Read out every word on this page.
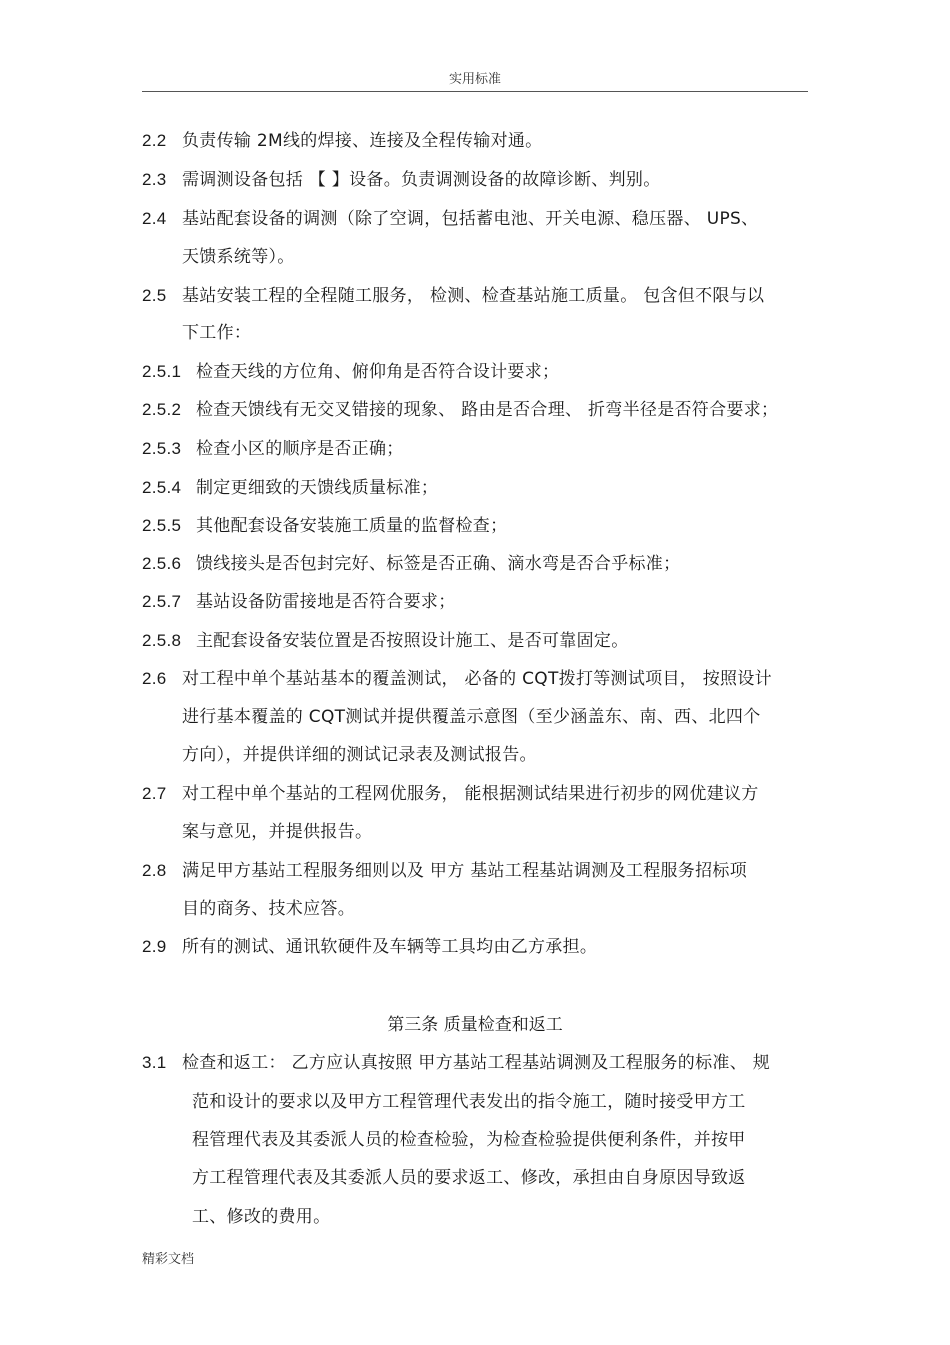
实用标准
2.2 负责传输 2M线的焊接、连接及全程传输对通。
2.3 需调测设备包括 【 】设备。负责调测设备的故障诊断、判别。
2.4 基站配套设备的调测（除了空调，包括蓄电池、开关电源、稳压器、 UPS、
天馈系统等）。
2.5 基站安装工程的全程随工服务， 检测、检查基站施工质量。 包含但不限与以
下工作：
2.5.1 检查天线的方位角、俯仰角是否符合设计要求；
2.5.2 检查天馈线有无交叉错接的现象、 路由是否合理、 折弯半径是否符合要求；
2.5.3 检查小区的顺序是否正确；
2.5.4 制定更细致的天馈线质量标准；
2.5.5 其他配套设备安装施工质量的监督检查；
2.5.6 馈线接头是否包封完好、标签是否正确、滴水弯是否合乎标准；
2.5.7 基站设备防雷接地是否符合要求；
2.5.8 主配套设备安装位置是否按照设计施工、是否可靠固定。
2.6 对工程中单个基站基本的覆盖测试， 必备的 CQT拨打等测试项目， 按照设计
进行基本覆盖的 CQT测试并提供覆盖示意图（至少涵盖东、南、西、北四个
方向），并提供详细的测试记录表及测试报告。
2.7 对工程中单个基站的工程网优服务， 能根据测试结果进行初步的网优建议方
案与意见，并提供报告。
2.8 满足甲方基站工程服务细则以及 甲方 基站工程基站调测及工程服务招标项
目的商务、技术应答。
2.9 所有的测试、通讯软硬件及车辆等工具均由乙方承担。
第三条 质量检查和返工
3.1 检查和返工： 乙方应认真按照 甲方基站工程基站调测及工程服务的标准、 规
范和设计的要求以及甲方工程管理代表发出的指令施工，随时接受甲方工
程管理代表及其委派人员的检查检验，为检查检验提供便利条件，并按甲
方工程管理代表及其委派人员的要求返工、修改，承担由自身原因导致返
工、修改的费用。
精彩文档
